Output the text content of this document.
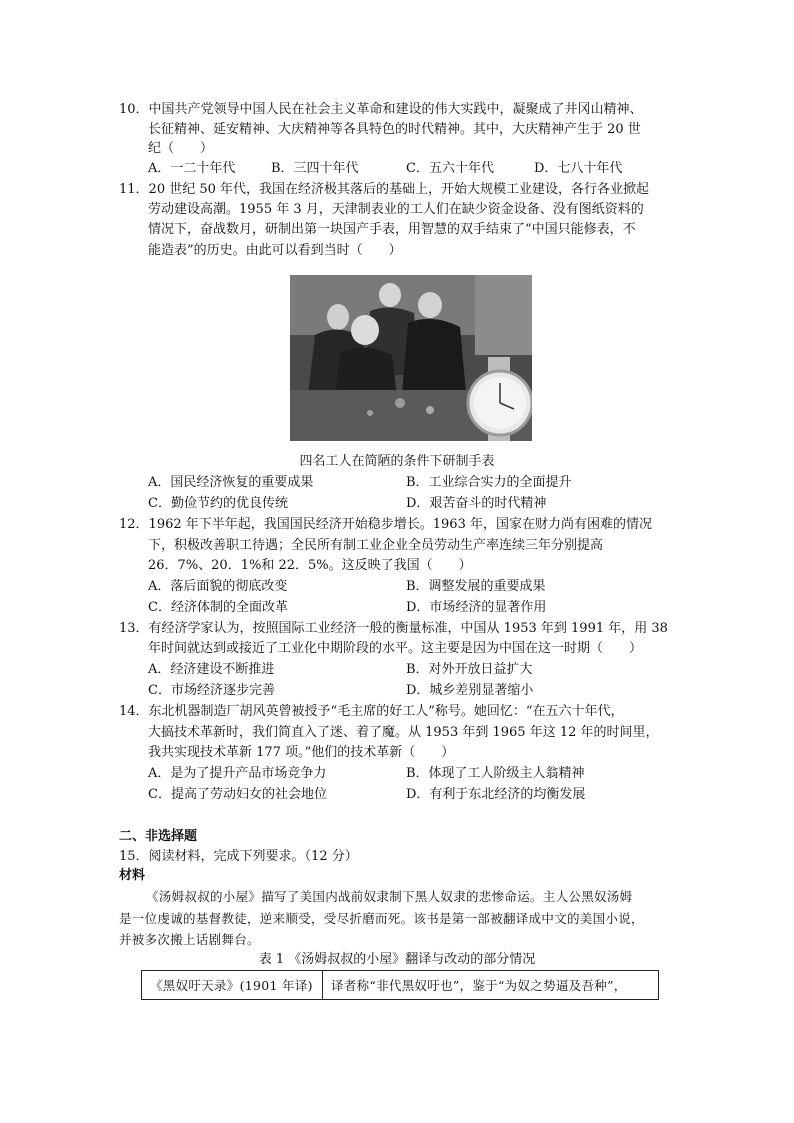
10．中国共产党领导中国人民在社会主义革命和建设的伟大实践中，凝聚成了井冈山精神、
长征精神、延安精神、大庆精神等各具特色的时代精神。其中，大庆精神产生于 20 世
纪（　　）
A．一二十年代	B．三四十年代	C．五六十年代	D．七八十年代
11．20 世纪 50 年代，我国在经济极其落后的基础上，开始大规模工业建设，各行各业掀起
劳动建设高潮。1955 年 3 月，天津制表业的工人们在缺少资金设备、没有图纸资料的
情况下，奋战数月，研制出第一块国产手表，用智慧的双手结束了“中国只能修表，不
能造表”的历史。由此可以看到当时（　　）
四名工人在简陋的条件下研制手表
A．国民经济恢复的重要成果	B．工业综合实力的全面提升
C．勤俭节约的优良传统	D．艰苦奋斗的时代精神
12．1962 年下半年起，我国国民经济开始稳步增长。1963 年，国家在财力尚有困难的情况
下，积极改善职工待遇；全民所有制工业企业全员劳动生产率连续三年分别提高
26．7%、20．1%和 22．5%。这反映了我国（　　）
A．落后面貌的彻底改变	B．调整发展的重要成果
C．经济体制的全面改革	D．市场经济的显著作用
13．有经济学家认为，按照国际工业经济一般的衡量标准，中国从 1953 年到 1991 年，用 38
年时间就达到或接近了工业化中期阶段的水平。这主要是因为中国在这一时期（　　）
A．经济建设不断推进	B．对外开放日益扩大
C．市场经济逐步完善	D．城乡差别显著缩小
14．东北机器制造厂胡风英曾被授予“毛主席的好工人”称号。她回忆：“在五六十年代，
大搞技术革新时，我们简直入了迷、着了魔。从 1953 年到 1965 年这 12 年的时间里，
我共实现技术革新 177 项。”他们的技术革新（　　）
A．是为了提升产品市场竞争力	B．体现了工人阶级主人翁精神
C．提高了劳动妇女的社会地位	D．有利于东北经济的均衡发展
二、非选择题
15．阅读材料，完成下列要求。（12 分）
材料
《汤姆叔叔的小屋》描写了美国内战前奴隶制下黑人奴隶的悲惨命运。主人公黑奴汤姆
是一位虔诚的基督教徒，逆来顺受，受尽折磨而死。该书是第一部被翻译成中文的美国小说，
并被多次搬上话剧舞台。
表 1 《汤姆叔叔的小屋》翻译与改动的部分情况
《黑奴吁天录》(1901 年译)	译者称“非代黑奴吁也”，鉴于“为奴之势逼及吾种”，
